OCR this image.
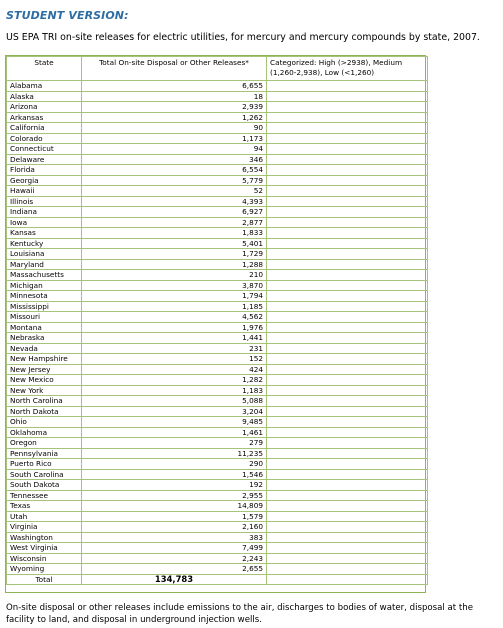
STUDENT VERSION:
US EPA TRI on-site releases for electric utilities, for mercury and mercury compounds by state, 2007.
State	Total On-site Disposal or Other Releases*	Categorized: High (>2938), Medium (1,260-2,938), Low (<1,260)
Alabama	6,655	
Alaska	18	
Arizona	2,939	
Arkansas	1,262	
California	90	
Colorado	1,173	
Connecticut	94	
Delaware	346	
Florida	6,554	
Georgia	5,779	
Hawaii	52	
Illinois	4,393	
Indiana	6,927	
Iowa	2,877	
Kansas	1,833	
Kentucky	5,401	
Louisiana	1,729	
Maryland	1,288	
Massachusetts	210	
Michigan	3,870	
Minnesota	1,794	
Mississippi	1,185	
Missouri	4,562	
Montana	1,976	
Nebraska	1,441	
Nevada	231	
New Hampshire	152	
New Jersey	424	
New Mexico	1,282	
New York	1,183	
North Carolina	5,088	
North Dakota	3,204	
Ohio	9,485	
Oklahoma	1,461	
Oregon	279	
Pennsylvania	11,235	
Puerto Rico	290	
South Carolina	1,546	
South Dakota	192	
Tennessee	2,955	
Texas	14,809	
Utah	1,579	
Virginia	2,160	
Washington	383	
West Virginia	7,499	
Wisconsin	2,243	
Wyoming	2,655	
Total	134,783	
On-site disposal or other releases include emissions to the air, discharges to bodies of water, disposal at the facility to land, and disposal in underground injection wells.
